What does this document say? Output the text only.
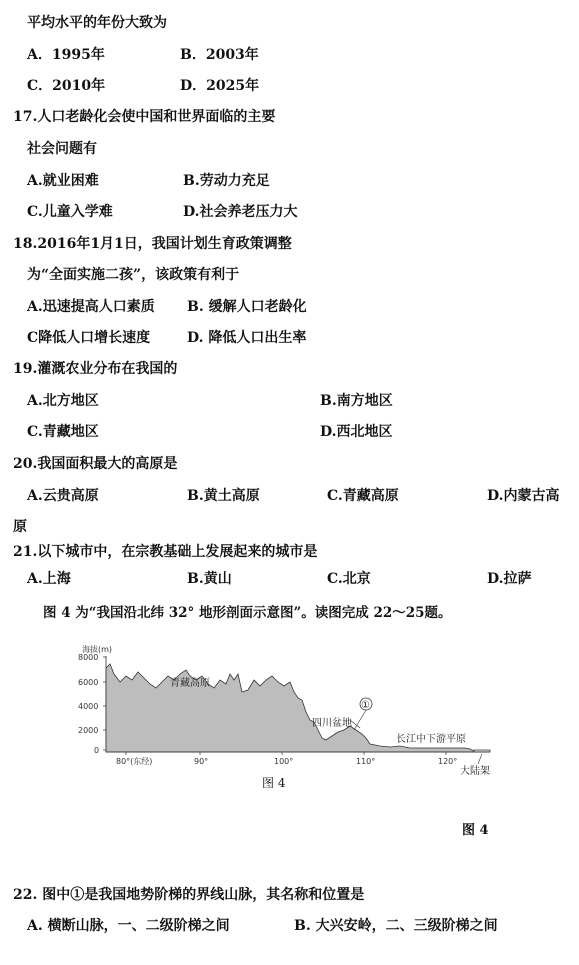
平均水平的年份大致为
A．1995年	B．2003年
C．2010年	D．2025年
17.人口老龄化会使中国和世界面临的主要
社会问题有
A.就业困难	B.劳动力充足
C.儿童入学难	D.社会养老压力大
18.2016年1月1日，我国计划生育政策调整
为“全面实施二孩”，该政策有利于
A.迅速提高人口素质 B. 缓解人口老龄化
C降低人口增长速度	D. 降低人口出生率
19.灌溉农业分布在我国的
A.北方地区	B.南方地区
C.青藏地区	D.西北地区
20.我国面积最大的高原是
A.云贵高原	B.黄土高原	C.青藏高原	D.内蒙古高
原
21.以下城市中，在宗教基础上发展起来的城市是
A.上海	B.黄山	C.北京	D.拉萨
图 4 为“我国沿北纬 32° 地形剖面示意图”。读图完成 22～25题。
海拔(m)
8000
6000
4000
2000
0
80°(东经)	90°	100°	110°	120°
青藏高原
四川盆地
长江中下游平原
①
大陆架
图 4
图 4
22. 图中①是我国地势阶梯的界线山脉，其名称和位置是
A. 横断山脉，一、二级阶梯之间	B. 大兴安岭，二、三级阶梯之间
